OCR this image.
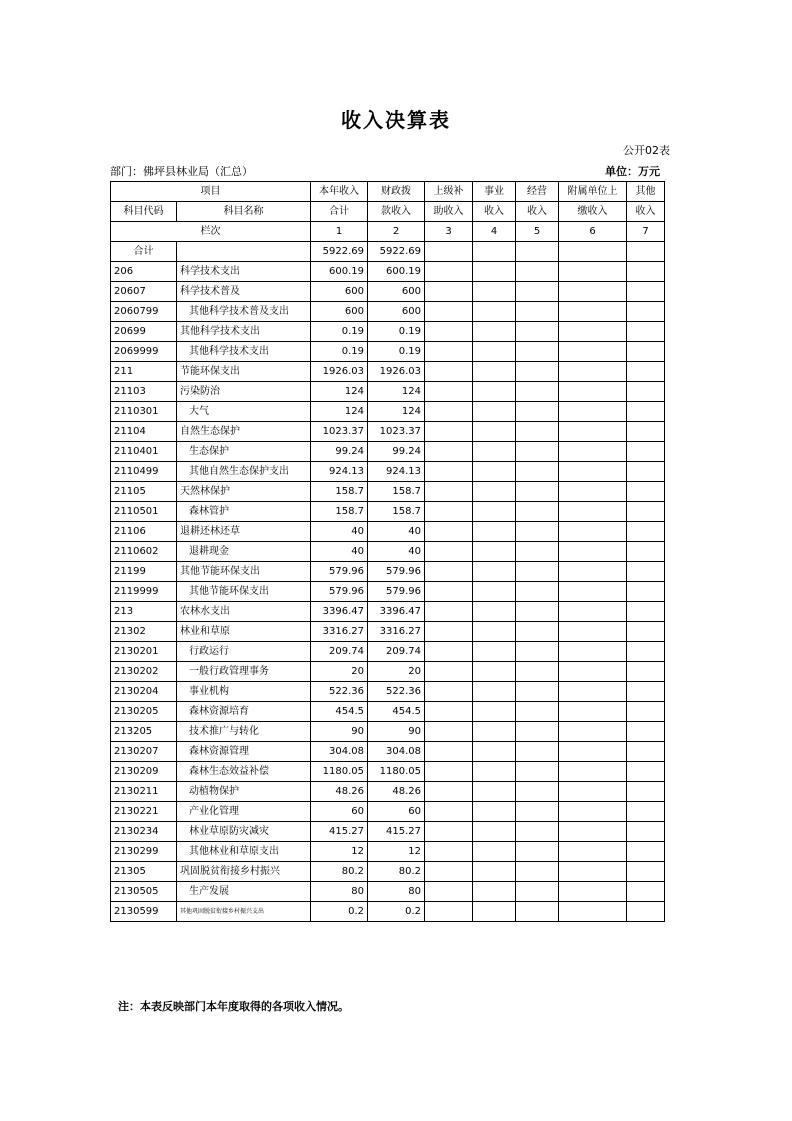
收入决算表
公开02表
部门：佛坪县林业局（汇总）	单位：万元
项目		本年收入	财政拨	上级补	事业	经营	附属单位上	其他
科目代码	科目名称	合计	款收入	助收入	收入	收入	缴收入	收入
栏次		1	2	3	4	5	6	7
合计		5922.69	5922.69					
206	科学技术支出	600.19	600.19					
20607	科学技术普及	600	600					
2060799	其他科学技术普及支出	600	600					
20699	其他科学技术支出	0.19	0.19					
2069999	其他科学技术支出	0.19	0.19					
211	节能环保支出	1926.03	1926.03					
21103	污染防治	124	124					
2110301	大气	124	124					
21104	自然生态保护	1023.37	1023.37					
2110401	生态保护	99.24	99.24					
2110499	其他自然生态保护支出	924.13	924.13					
21105	天然林保护	158.7	158.7					
2110501	森林管护	158.7	158.7					
21106	退耕还林还草	40	40					
2110602	退耕现金	40	40					
21199	其他节能环保支出	579.96	579.96					
2119999	其他节能环保支出	579.96	579.96					
213	农林水支出	3396.47	3396.47					
21302	林业和草原	3316.27	3316.27					
2130201	行政运行	209.74	209.74					
2130202	一般行政管理事务	20	20					
2130204	事业机构	522.36	522.36					
2130205	森林资源培育	454.5	454.5					
213205	技术推广与转化	90	90					
2130207	森林资源管理	304.08	304.08					
2130209	森林生态效益补偿	1180.05	1180.05					
2130211	动植物保护	48.26	48.26					
2130221	产业化管理	60	60					
2130234	林业草原防灾减灾	415.27	415.27					
2130299	其他林业和草原支出	12	12					
21305	巩固脱贫衔接乡村振兴	80.2	80.2					
2130505	生产发展	80	80					
2130599	其他巩固脱贫衔接乡村振兴支出	0.2	0.2					
注：本表反映部门本年度取得的各项收入情况。
